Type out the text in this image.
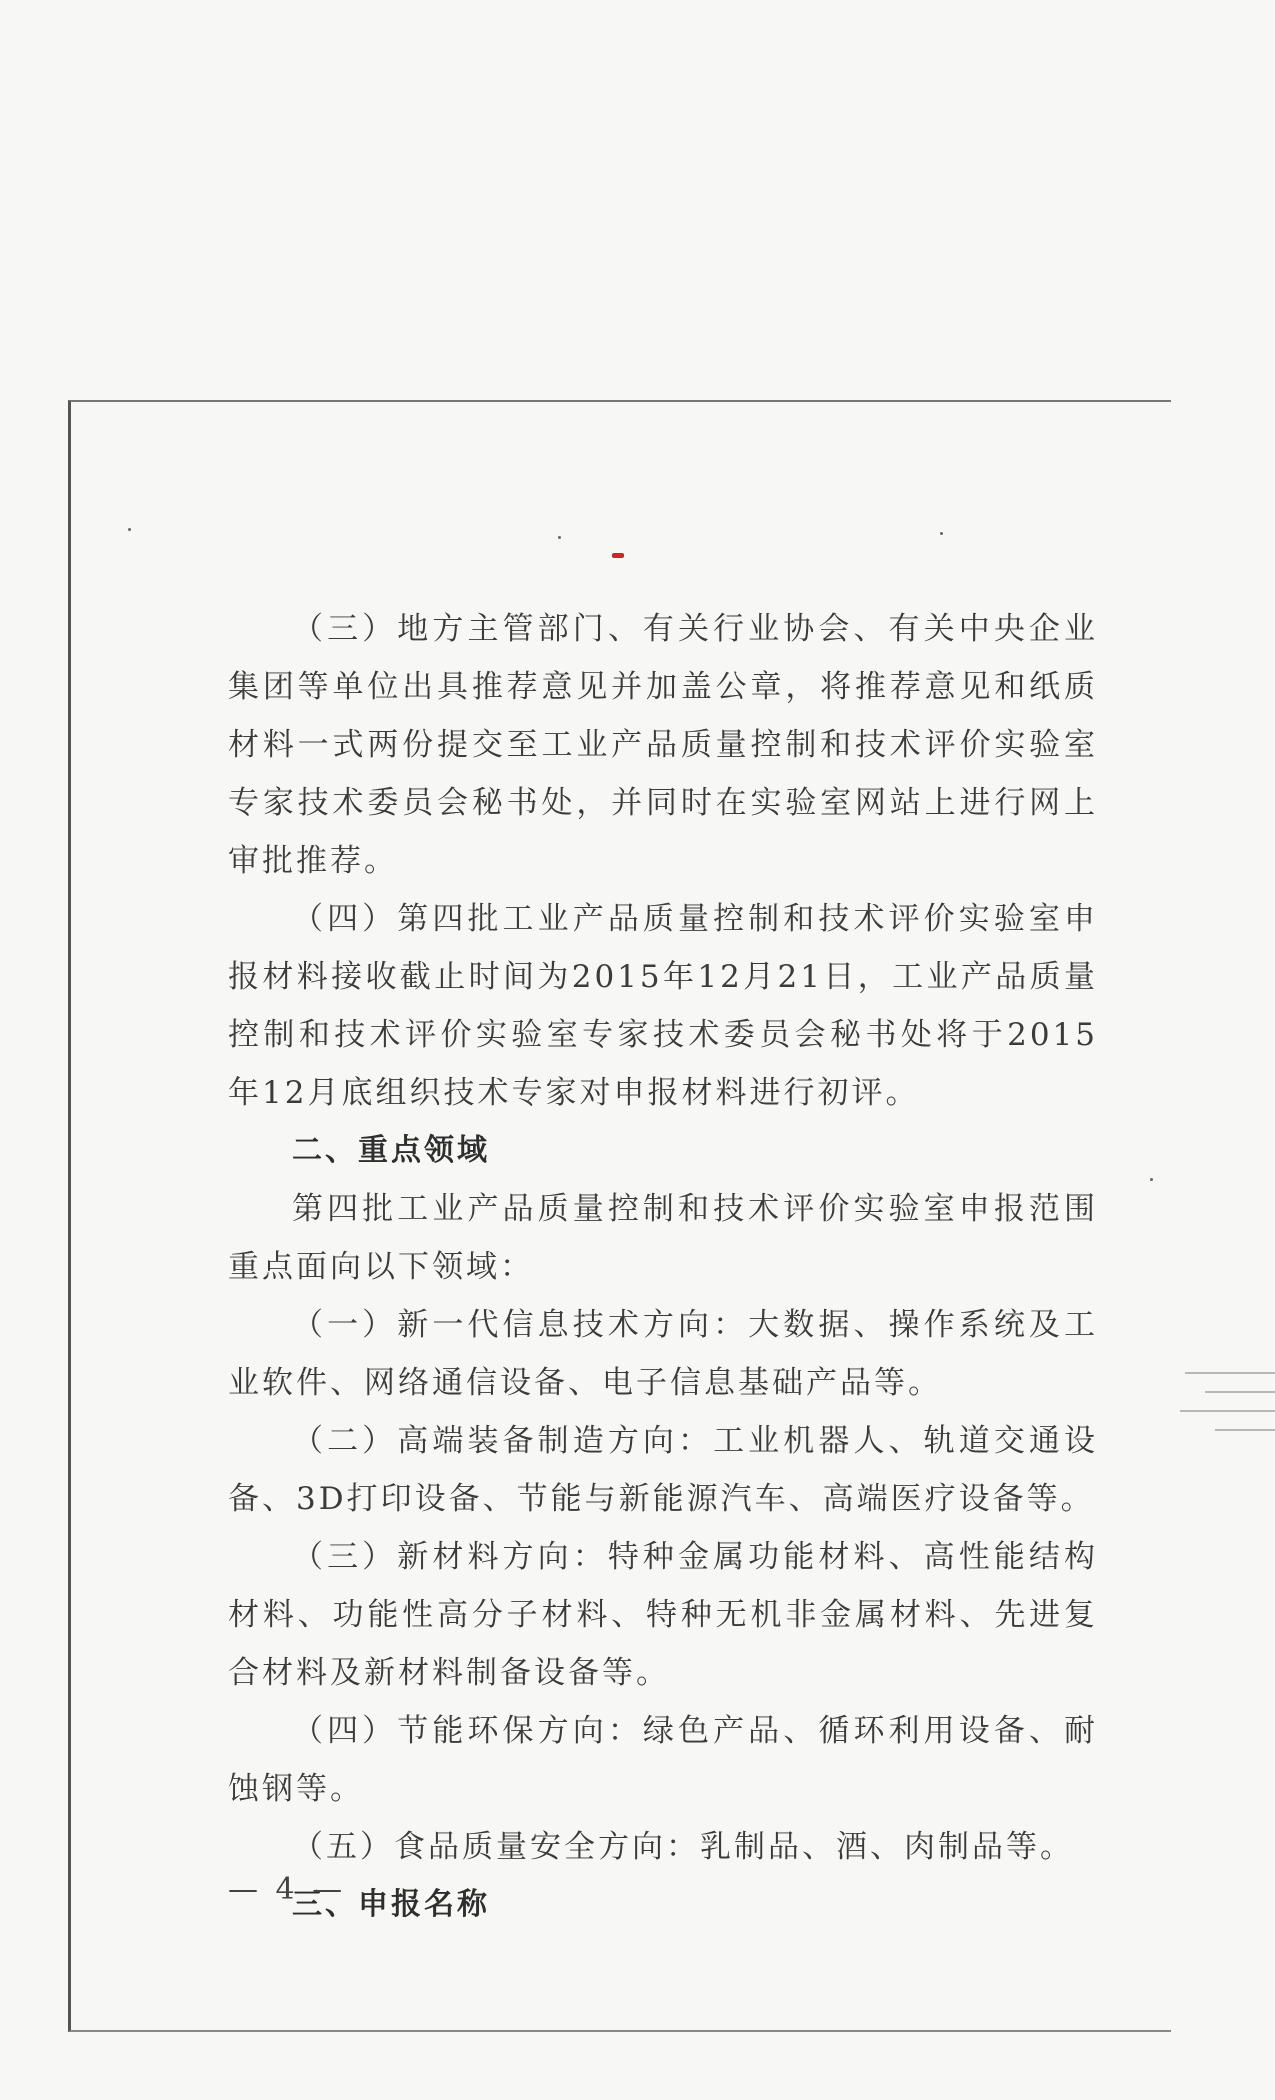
（三）地方主管部门、有关行业协会、有关中央企业集团等单位出具推荐意见并加盖公章，将推荐意见和纸质材料一式两份提交至工业产品质量控制和技术评价实验室专家技术委员会秘书处，并同时在实验室网站上进行网上审批推荐。

（四）第四批工业产品质量控制和技术评价实验室申报材料接收截止时间为2015年12月21日，工业产品质量控制和技术评价实验室专家技术委员会秘书处将于2015年12月底组织技术专家对申报材料进行初评。

二、重点领域

第四批工业产品质量控制和技术评价实验室申报范围重点面向以下领域：

（一）新一代信息技术方向：大数据、操作系统及工业软件、网络通信设备、电子信息基础产品等。

（二）高端装备制造方向：工业机器人、轨道交通设备、3D打印设备、节能与新能源汽车、高端医疗设备等。

（三）新材料方向：特种金属功能材料、高性能结构材料、功能性高分子材料、特种无机非金属材料、先进复合材料及新材料制备设备等。

（四）节能环保方向：绿色产品、循环利用设备、耐蚀钢等。

（五）食品质量安全方向：乳制品、酒、肉制品等。

三、申报名称

— 4 —
